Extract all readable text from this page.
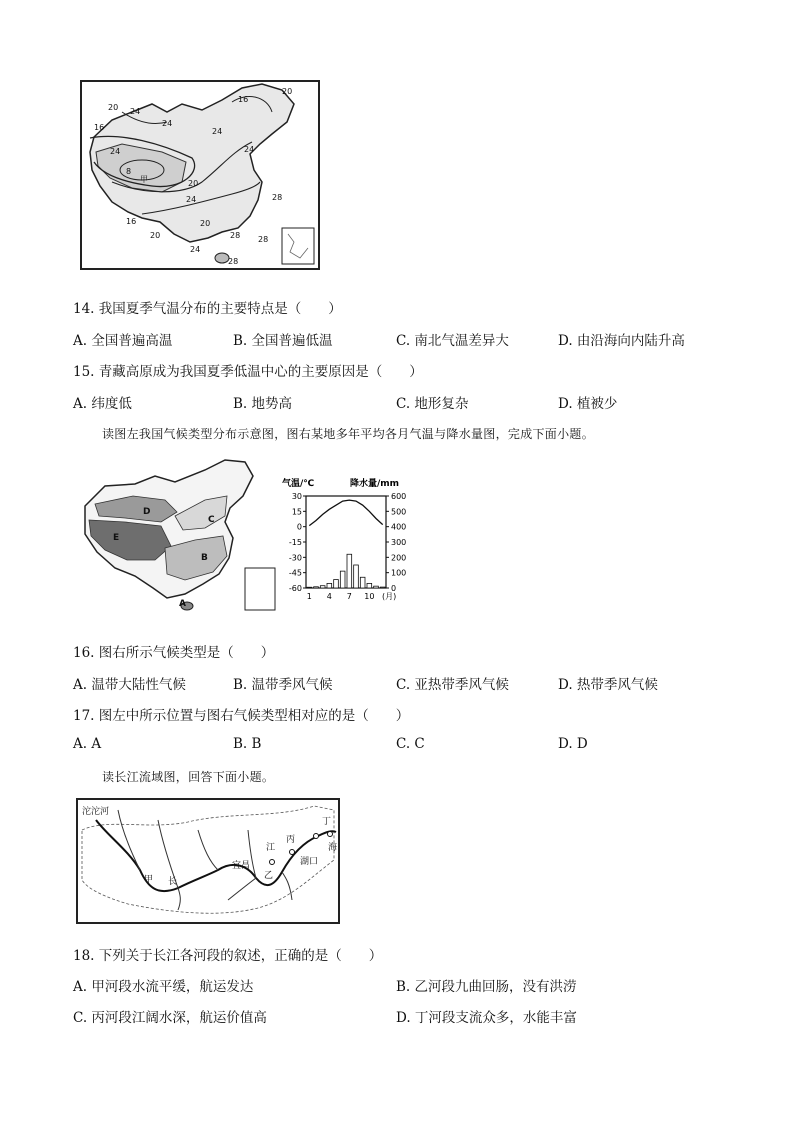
20 24
16
20
16
24
24
24
24
8
甲	20
24
16
20
28
20
24
28 28
28
14. 我国夏季气温分布的主要特点是（　　）
A. 全国普遍高温	B. 全国普遍低温	C. 南北气温差异大	D. 由沿海向内陆升高
15. 青藏高原成为我国夏季低温中心的主要原因是（　　）
A. 纬度低	B. 地势高	C. 地形复杂	D. 植被少
读图左我国气候类型分布示意图，图右某地多年平均各月气温与降水量图，完成下面小题。
D
C
E
B
A
气温/℃	降水量/mm
30
15
0
-15
-30
-45
-60
600
500
400
300
200
100
0
1 4 7 10 (月)
16. 图右所示气候类型是（　　）
A. 温带大陆性气候	B. 温带季风气候	C. 亚热带季风气候	D. 热带季风气候
17. 图左中所示位置与图右气候类型相对应的是（　　）
A. A	B. B	C. C	D. D
读长江流域图，回答下面小题。
沱沱河
甲 长
宜昌
江
乙
丙
湖口
丁
海
18. 下列关于长江各河段的叙述，正确的是（　　）
A. 甲河段水流平缓，航运发达	B. 乙河段九曲回肠，没有洪涝
C. 丙河段江阔水深，航运价值高	D. 丁河段支流众多，水能丰富
